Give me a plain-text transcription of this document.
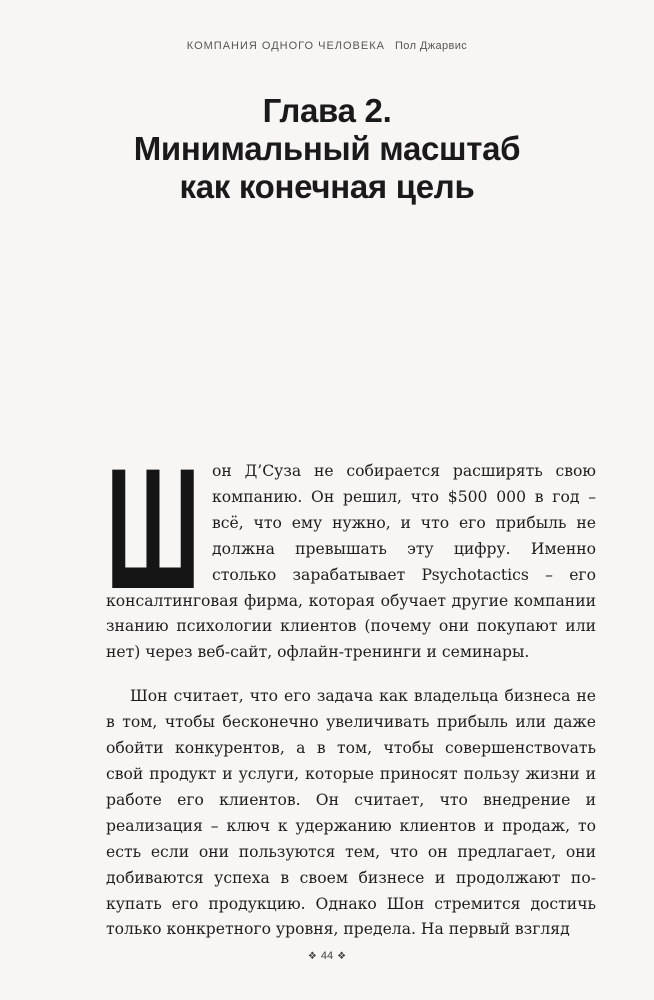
КОМПАНИЯ ОДНОГО ЧЕЛОВЕКА Пол Джарвис
Глава 2.
Минимальный масштаб
как конечная цель

Ш он Д’Суза не собирается расширять свою компанию. Он решил, что $500 000 в год – всё, что ему нужно, и что его прибыль не должна превышать эту цифру. Именно столько зарабатывает Psychotactics – его консалтинговая фирма, которая обучает другие компании знанию психологии клиентов (почему они покупают или нет) через веб-сайт, офлайн-тренинги и семинары.

Шон считает, что его задача как владельца бизнеса не в том, чтобы бесконечно увеличивать прибыль или даже обойти конкурентов, а в том, чтобы совершенствоvать свой продукт и услуги, которые приносят пользу жизни и работе его клиентов. Он считает, что внедрение и реализация – ключ к удержанию клиентов и продаж, то есть если они пользуются тем, что он предлагает, они добиваются успеха в своем бизнесе и продолжают покупать его продукцию. Однако Шон стремится достичь только конкретного уровня, предела. На первый взгляд

❖ 44 ❖
